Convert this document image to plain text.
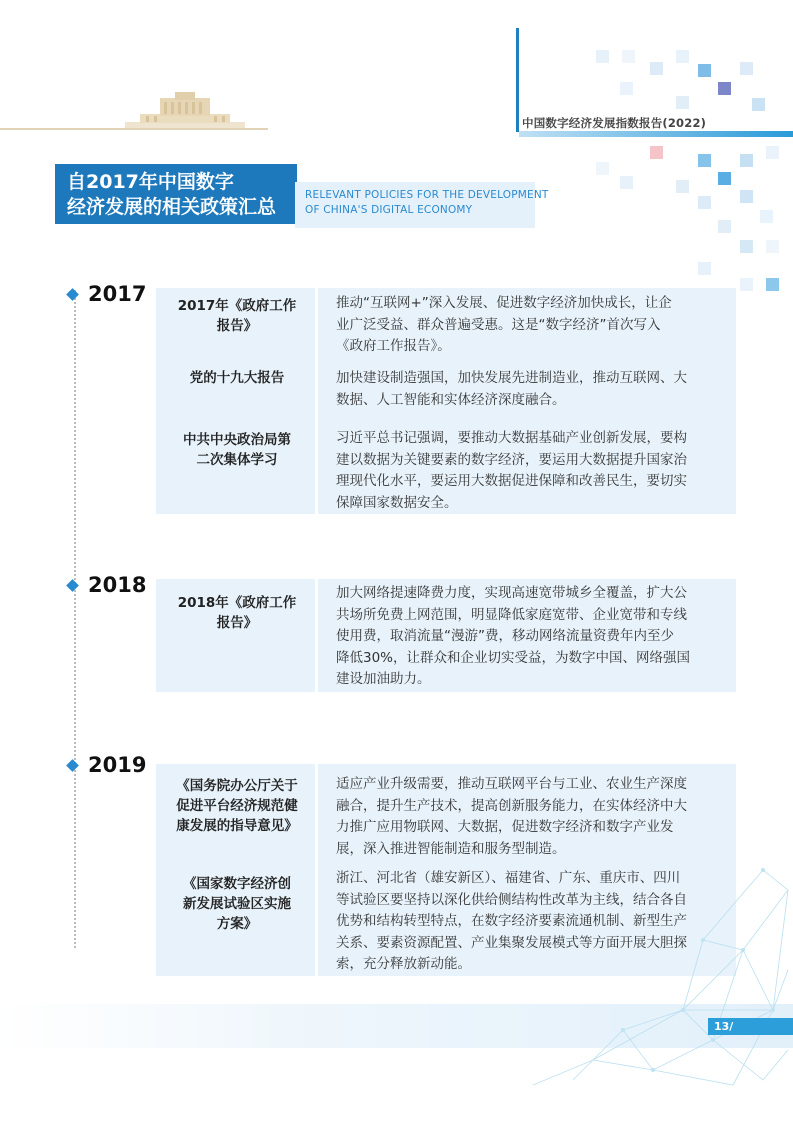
中国数字经济发展指数报告(2022)
自2017年中国数字
经济发展的相关政策汇总
RELEVANT POLICIES FOR THE DEVELOPMENT
OF CHINA'S DIGITAL ECONOMY
2017	2017年《政府工作
报告》
推动“互联网+”深入发展、促进数字经济加快成长，让企
业广泛受益、群众普遍受惠。这是“数字经济”首次写入
《政府工作报告》。
党的十九大报告	加快建设制造强国，加快发展先进制造业，推动互联网、大
数据、人工智能和实体经济深度融合。
中共中央政治局第
二次集体学习
习近平总书记强调，要推动大数据基础产业创新发展，要构
建以数据为关键要素的数字经济，要运用大数据提升国家治
理现代化水平，要运用大数据促进保障和改善民生，要切实
保障国家数据安全。
2018
2018年《政府工作
报告》
加大网络提速降费力度，实现高速宽带城乡全覆盖，扩大公
共场所免费上网范围，明显降低家庭宽带、企业宽带和专线
使用费，取消流量“漫游”费，移动网络流量资费年内至少
降低30%，让群众和企业切实受益，为数字中国、网络强国
建设加油助力。
2019
《国务院办公厅关于
促进平台经济规范健
康发展的指导意见》
适应产业升级需要，推动互联网平台与工业、农业生产深度
融合，提升生产技术，提高创新服务能力，在实体经济中大
力推广应用物联网、大数据，促进数字经济和数字产业发
展，深入推进智能制造和服务型制造。
《国家数字经济创
新发展试验区实施
方案》
浙江、河北省（雄安新区）、福建省、广东、重庆市、四川
等试验区要坚持以深化供给侧结构性改革为主线，结合各自
优势和结构转型特点，在数字经济要素流通机制、新型生产
关系、要素资源配置、产业集聚发展模式等方面开展大胆探
索，充分释放新动能。
13/
